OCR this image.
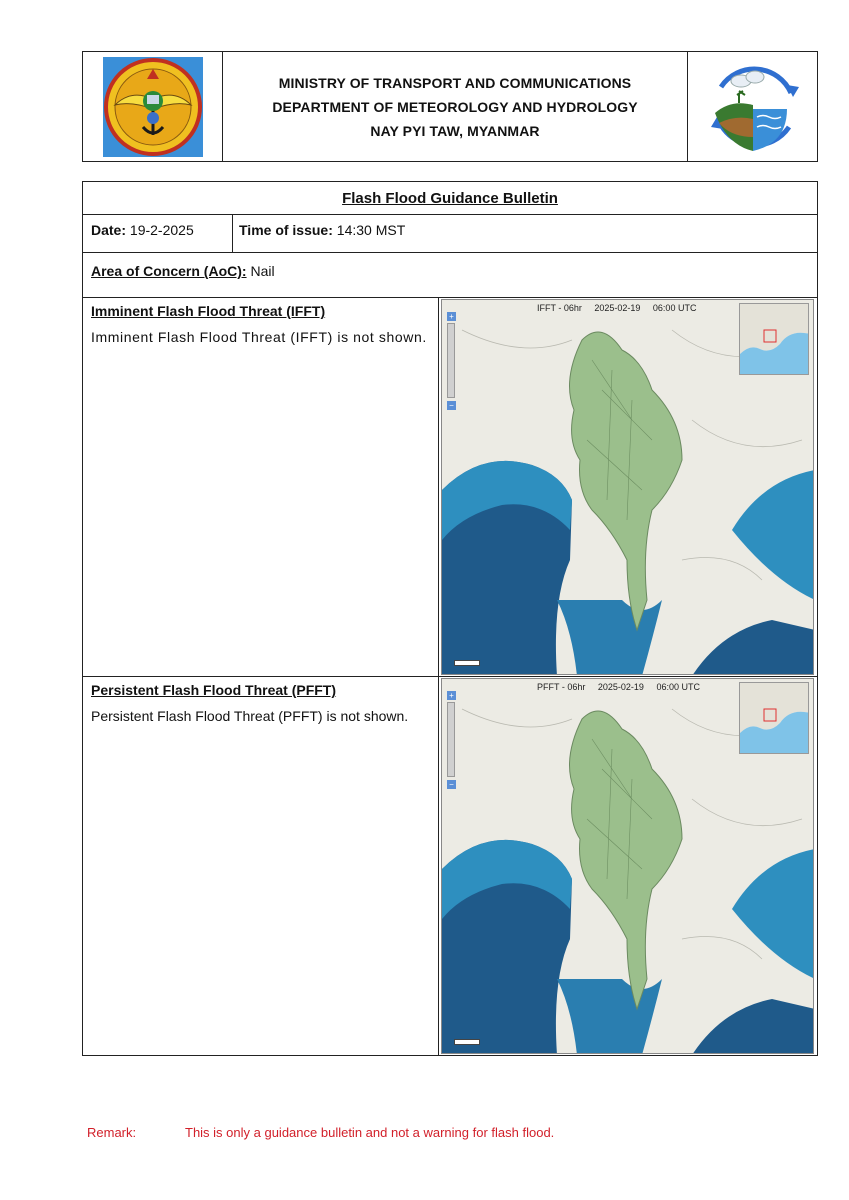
MINISTRY OF TRANSPORT AND COMMUNICATIONS
DEPARTMENT OF METEOROLOGY AND HYDROLOGY
NAY PYI TAW, MYANMAR
Flash Flood Guidance Bulletin
Date: 19-2-2025	Time of issue: 14:30 MST
Area of Concern (AoC): Nail
Imminent Flash Flood Threat (IFFT)

Imminent Flash Flood Threat (IFFT) is not shown.

IFFT - 06hr 2025-02-19 06:00 UTC
+
−
Persistent Flash Flood Threat (PFFT)

Persistent Flash Flood Threat (PFFT) is not shown.

PFFT - 06hr 2025-02-19 06:00 UTC
+
−
Remark:	This is only a guidance bulletin and not a warning for flash flood.
